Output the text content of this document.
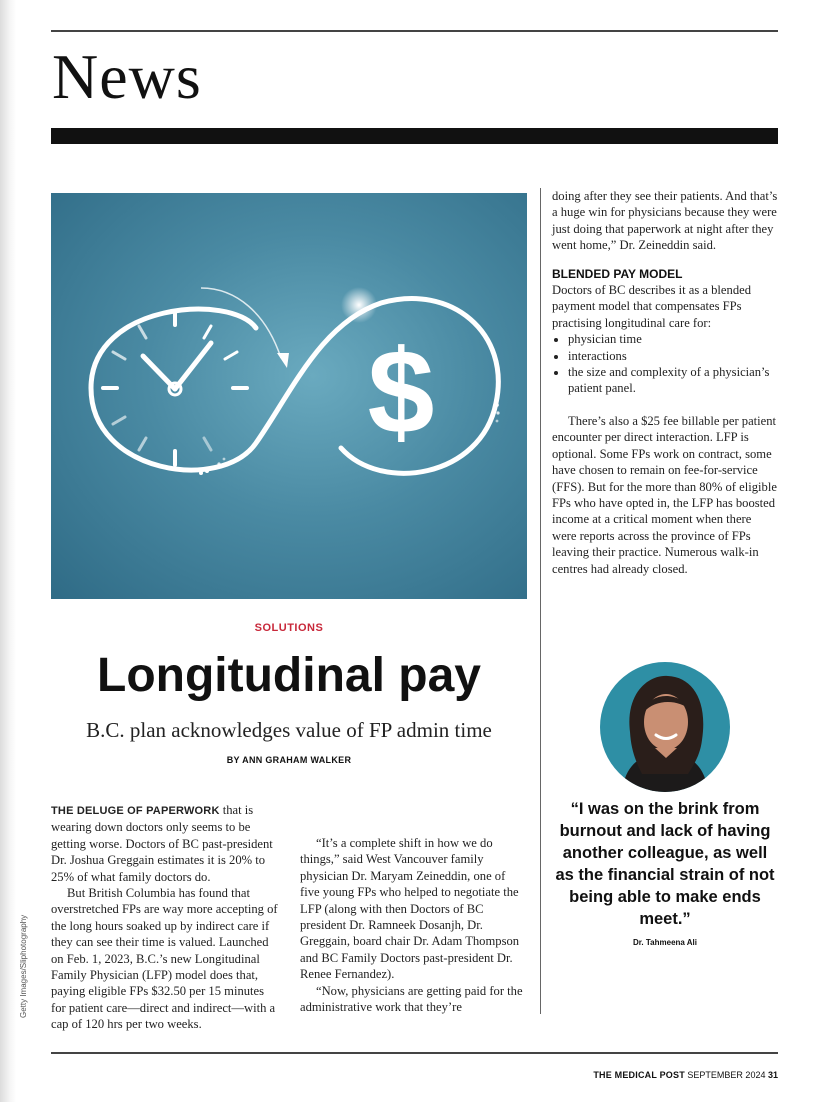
News
$
Getty Images/Sliphotography
SOLUTIONS
Longitudinal pay
B.C. plan acknowledges value of FP admin time
BY ANN GRAHAM WALKER

THE DELUGE OF PAPERWORK that is wearing down doctors only seems to be getting worse. Doctors of BC past-president Dr. Joshua Greggain estimates it is 20% to 25% of what family doctors do.

But British Columbia has found that overstretched FPs are way more accepting of the long hours soaked up by indirect care if they can see their time is valued. Launched on Feb. 1, 2023, B.C.’s new Longitudinal Family Physician (LFP) model does that, paying eligible FPs $32.50 per 15 minutes for patient care—direct and indirect—with a cap of 120 hrs per two weeks.

“It’s a complete shift in how we do things,” said West Vancouver family physician Dr. Maryam Zeineddin, one of five young FPs who helped to negotiate the LFP (along with then Doctors of BC president Dr. Ramneek Dosanjh, Dr. Greggain, board chair Dr. Adam Thompson and BC Family Doctors past-president Dr. Renee Fernandez).

“Now, physicians are getting paid for the administrative work that they’re

doing after they see their patients. And that’s a huge win for physicians because they were just doing that paperwork at night after they went home,” Dr. Zeineddin said.

BLENDED PAY MODEL

Doctors of BC describes it as a blended payment model that compensates FPs practising longitudinal care for:

• physician time
• interactions
• the size and complexity of a physician’s patient panel.

There’s also a $25 fee billable per patient encounter per direct interaction. LFP is optional. Some FPs work on contract, some have chosen to remain on fee-for-service (FFS). But for the more than 80% of eligible FPs who have opted in, the LFP has boosted income at a critical moment when there were reports across the province of FPs leaving their practice. Numerous walk-in centres had already closed.

“I was on the brink from burnout and lack of having another colleague, as well as the financial strain of not being able to make ends meet.”
Dr. Tahmeena Ali
THE MEDICAL POST SEPTEMBER 2024 31
